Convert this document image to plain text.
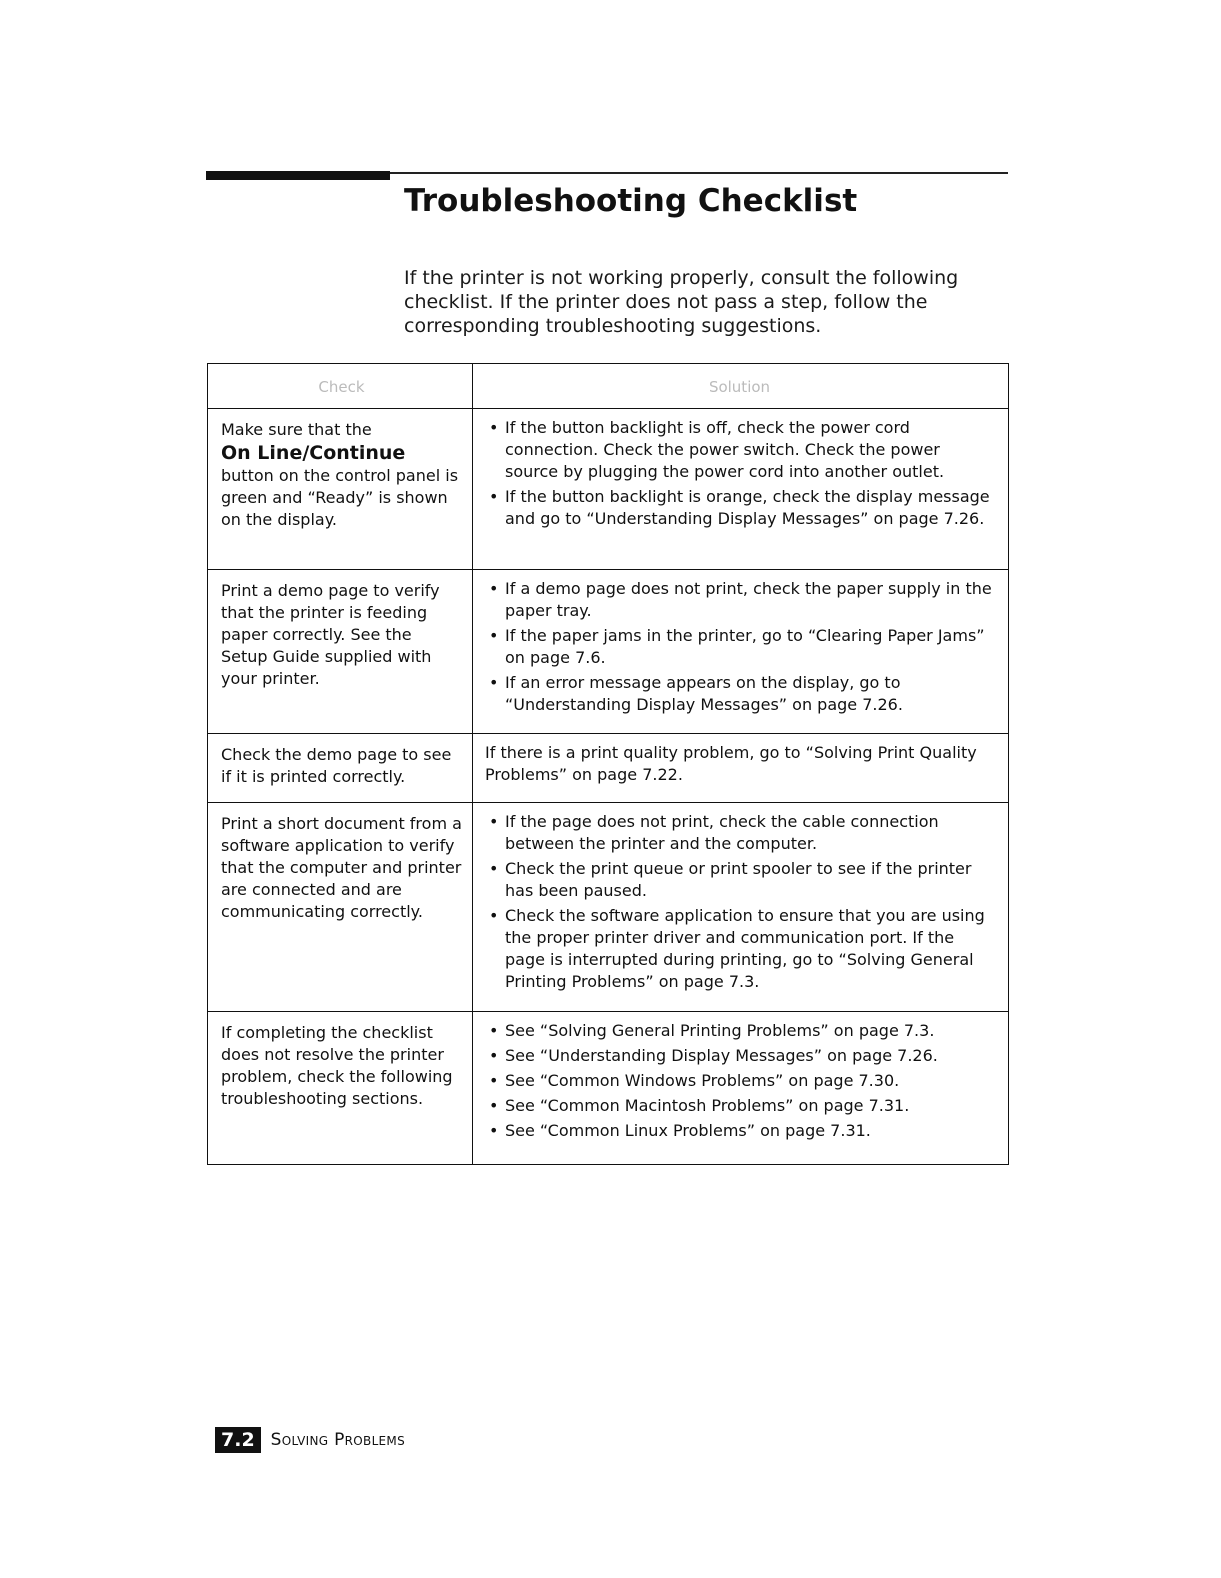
Troubleshooting Checklist

If the printer is not working properly, consult the following checklist. If the printer does not pass a step, follow the corresponding troubleshooting suggestions.

Check	Solution
Make sure that the
On Line/Continue
button on the control panel is green and “Ready” is shown on the display.
• If the button backlight is off, check the power cord connection. Check the power switch. Check the power source by plugging the power cord into another outlet.
• If the button backlight is orange, check the display message and go to “Understanding Display Messages” on page 7.26.
Print a demo page to verify that the printer is feeding paper correctly. See the Setup Guide supplied with your printer.
• If a demo page does not print, check the paper supply in the paper tray.
• If the paper jams in the printer, go to “Clearing Paper Jams” on page 7.6.
• If an error message appears on the display, go to “Understanding Display Messages” on page 7.26.
Check the demo page to see if it is printed correctly.
If there is a print quality problem, go to “Solving Print Quality Problems” on page 7.22.
Print a short document from a software application to verify that the computer and printer are connected and are communicating correctly.
• If the page does not print, check the cable connection between the printer and the computer.
• Check the print queue or print spooler to see if the printer has been paused.
• Check the software application to ensure that you are using the proper printer driver and communication port. If the page is interrupted during printing, go to “Solving General Printing Problems” on page 7.3.
If completing the checklist does not resolve the printer problem, check the following troubleshooting sections.
• See “Solving General Printing Problems” on page 7.3.
• See “Understanding Display Messages” on page 7.26.
• See “Common Windows Problems” on page 7.30.
• See “Common Macintosh Problems” on page 7.31.
• See “Common Linux Problems” on page 7.31.
7.2 Solving Problems
